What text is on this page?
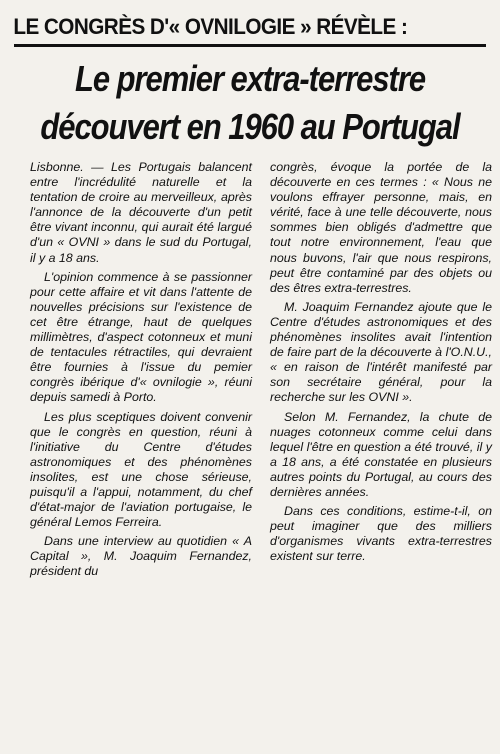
LE CONGRÈS D'« OVNILOGIE » RÉVÈLE :
Le premier extra-terrestre
découvert en 1960 au Portugal

Lisbonne. — Les Portugais balancent entre l'incrédulité naturelle et la tentation de croire au merveilleux, après l'annonce de la découverte d'un petit être vivant inconnu, qui aurait été largué d'un « OVNI » dans le sud du Portugal, il y a 18 ans.

L'opinion commence à se passionner pour cette affaire et vit dans l'attente de nouvelles précisions sur l'existence de cet être étrange, haut de quelques millimètres, d'aspect cotonneux et muni de tentacules rétractiles, qui devraient être fournies à l'issue du pemier congrès ibérique d'« ovnilogie », réuni depuis samedi à Porto.

Les plus sceptiques doivent convenir que le congrès en question, réuni à l'initiative du Centre d'études astronomiques et des phénomènes insolites, est une chose sérieuse, puisqu'il a l'appui, notamment, du chef d'état-major de l'aviation portugaise, le général Lemos Ferreira.

Dans une interview au quotidien « A Capital », M. Joaquim Fernandez, président du

congrès, évoque la portée de la découverte en ces termes : « Nous ne voulons effrayer personne, mais, en vérité, face à une telle découverte, nous sommes bien obligés d'admettre que tout notre environnement, l'eau que nous buvons, l'air que nous respirons, peut être contaminé par des objets ou des êtres extra-terrestres.

M. Joaquim Fernandez ajoute que le Centre d'études astronomiques et des phénomènes insolites avait l'intention de faire part de la découverte à l'O.N.U., « en raison de l'intérêt manifesté par son secrétaire général, pour la recherche sur les OVNI ».

Selon M. Fernandez, la chute de nuages cotonneux comme celui dans lequel l'être en question a été trouvé, il y a 18 ans, a été constatée en plusieurs autres points du Portugal, au cours des dernières années.

Dans ces conditions, estime-t-il, on peut imaginer que des milliers d'organismes vivants extra-terrestres existent sur terre.
